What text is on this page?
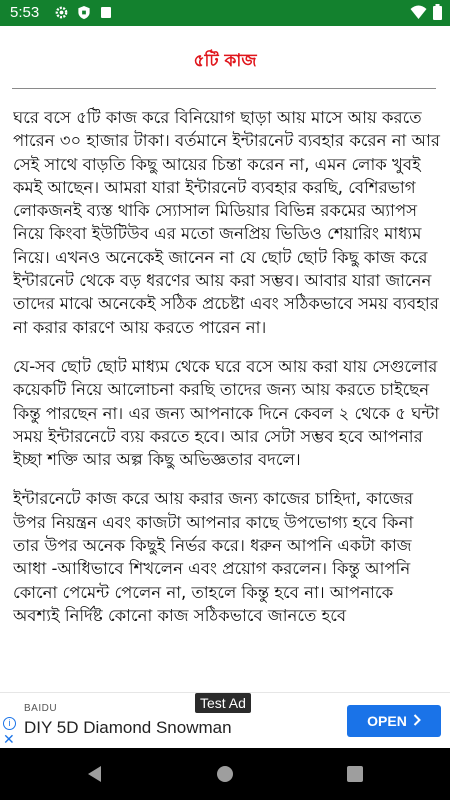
5:53
৫টি কাজ

ঘরে বসে ৫টি কাজ করে বিনিয়োগ ছাড়া আয় মাসে আয় করতে পারেন ৩০ হাজার টাকা। বর্তমানে ইন্টারনেট ব্যবহার করেন না আর সেই সাথে বাড়তি কিছু আয়ের চিন্তা করেন না, এমন লোক খুবই কমই আছেন। আমরা যারা ইন্টারনেট ব্যবহার করছি, বেশিরভাগ লোকজনই ব্যস্ত থাকি স্যোসাল মিডিয়ার বিভিন্ন রকমের অ্যাপস নিয়ে কিংবা ইউটিউব এর মতো জনপ্রিয় ভিডিও শেয়ারিং মাধ্যম নিয়ে। এখনও অনেকেই জানেন না যে ছোট ছোট কিছু কাজ করে ইন্টারনেট থেকে বড় ধরণের আয় করা সম্ভব। আবার যারা জানেন তাদের মাঝে অনেকেই সঠিক প্রচেষ্টা এবং সঠিকভাবে সময় ব্যবহার না করার কারণে আয় করতে পারেন না।

যে-সব ছোট ছোট মাধ্যম থেকে ঘরে বসে আয় করা যায় সেগুলোর কয়েকটি নিয়ে আলোচনা করছি তাদের জন্য আয় করতে চাইছেন কিন্তু পারছেন না। এর জন্য আপনাকে দিনে কেবল ২ থেকে ৫ ঘন্টা সময় ইন্টারনেটে ব্যয় করতে হবে। আর সেটা সম্ভব হবে আপনার ইচ্ছা শক্তি আর অল্প কিছু অভিজ্ঞতার বদলে।

ইন্টারনেটে কাজ করে আয় করার জন্য কাজের চাহিদা, কাজের উপর নিয়ন্ত্রন এবং কাজটা আপনার কাছে উপভোগ্য হবে কিনা তার উপর অনেক কিছুই নির্ভর করে। ধরুন আপনি একটা কাজ আধা -আধিভাবে শিখলেন এবং প্রয়োগ করলেন। কিন্তু আপনি কোনো পেমেন্ট পেলেন না, তাহলে কিন্তু হবে না। আপনাকে অবশ্যই নির্দিষ্ট কোনো কাজ সঠিকভাবে জানতে হবে

Test Ad
i
✕
BAIDU
DIY 5D Diamond Snowman	OPEN
